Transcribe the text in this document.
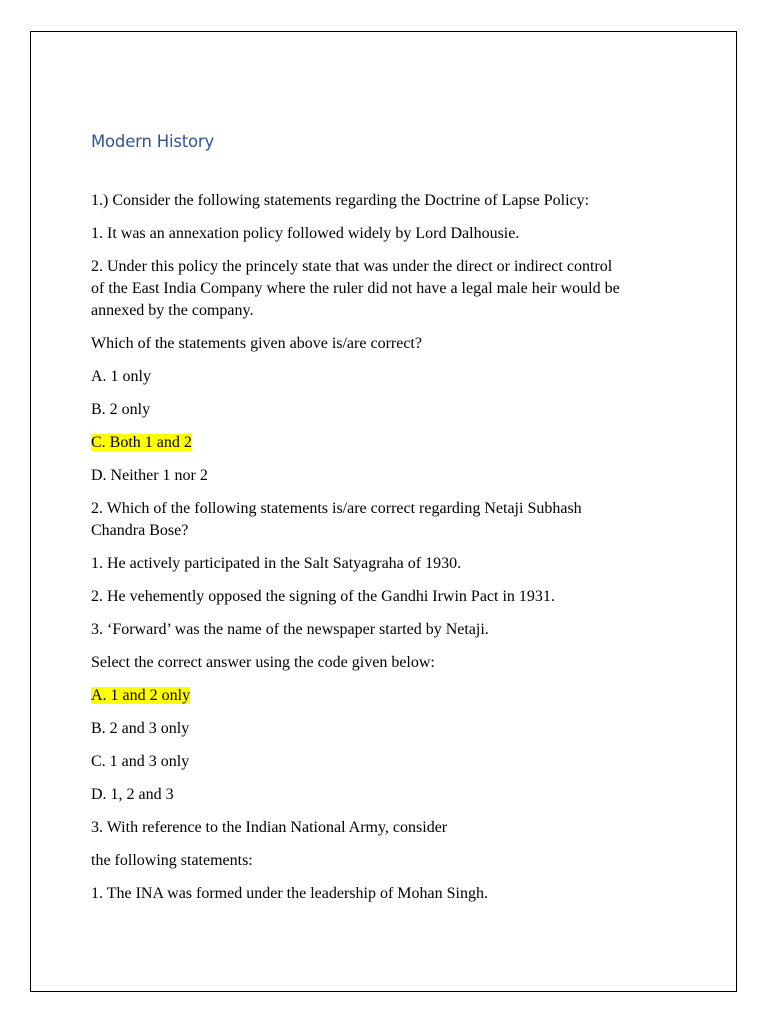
Modern History

1.) Consider the following statements regarding the Doctrine of Lapse Policy:

1. It was an annexation policy followed widely by Lord Dalhousie.

2. Under this policy the princely state that was under the direct or indirect control

of the East India Company where the ruler did not have a legal male heir would be

annexed by the company.

Which of the statements given above is/are correct?

A. 1 only

B. 2 only

C. Both 1 and 2

D. Neither 1 nor 2

2. Which of the following statements is/are correct regarding Netaji Subhash

Chandra Bose?

1. He actively participated in the Salt Satyagraha of 1930.

2. He vehemently opposed the signing of the Gandhi Irwin Pact in 1931.

3. ‘Forward’ was the name of the newspaper started by Netaji.

Select the correct answer using the code given below:

A. 1 and 2 only

B. 2 and 3 only

C. 1 and 3 only

D. 1, 2 and 3

3. With reference to the Indian National Army, consider

the following statements:

1. The INA was formed under the leadership of Mohan Singh.
